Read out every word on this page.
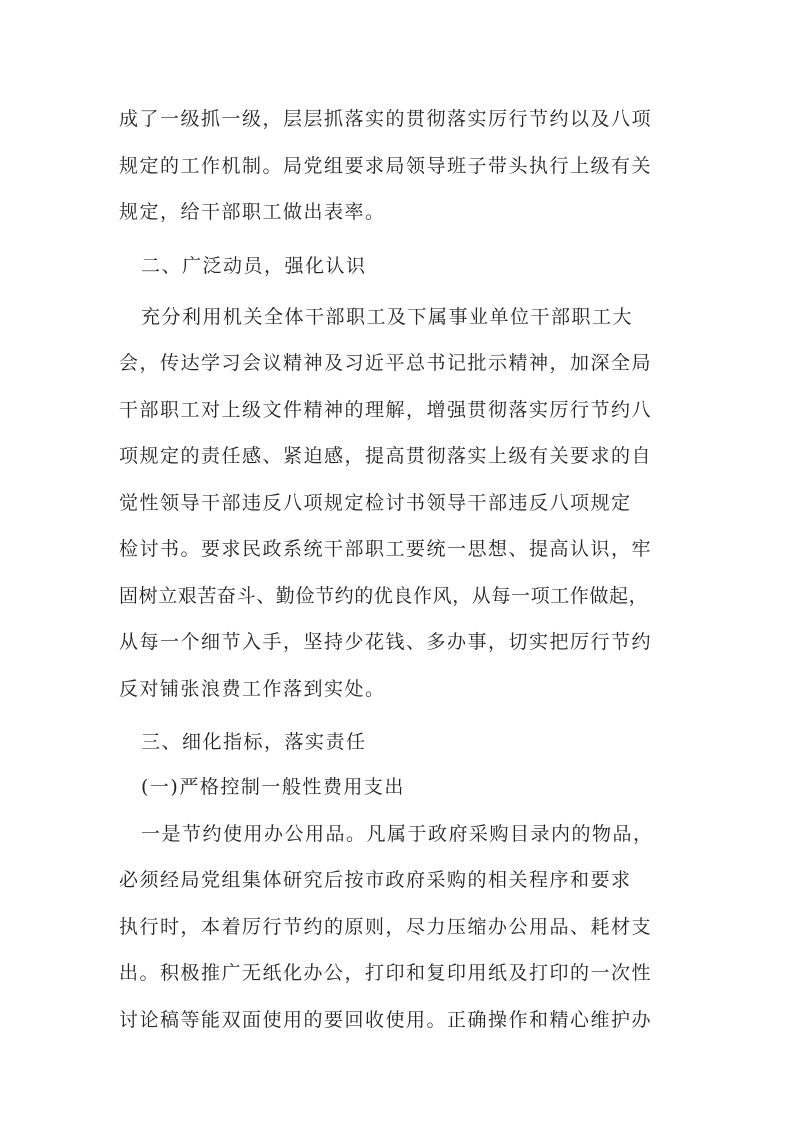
成了一级抓一级，层层抓落实的贯彻落实厉行节约以及八项
规定的工作机制。局党组要求局领导班子带头执行上级有关
规定，给干部职工做出表率。
二、广泛动员，强化认识
充分利用机关全体干部职工及下属事业单位干部职工大
会，传达学习会议精神及习近平总书记批示精神，加深全局
干部职工对上级文件精神的理解，增强贯彻落实厉行节约八
项规定的责任感、紧迫感，提高贯彻落实上级有关要求的自
觉性领导干部违反八项规定检讨书领导干部违反八项规定
检讨书。要求民政系统干部职工要统一思想、提高认识，牢
固树立艰苦奋斗、勤俭节约的优良作风，从每一项工作做起，
从每一个细节入手，坚持少花钱、多办事，切实把厉行节约
反对铺张浪费工作落到实处。
三、细化指标，落实责任
(一)严格控制一般性费用支出
一是节约使用办公用品。凡属于政府采购目录内的物品，
必须经局党组集体研究后按市政府采购的相关程序和要求
执行时，本着厉行节约的原则，尽力压缩办公用品、耗材支
出。积极推广无纸化办公，打印和复印用纸及打印的一次性
讨论稿等能双面使用的要回收使用。正确操作和精心维护办
